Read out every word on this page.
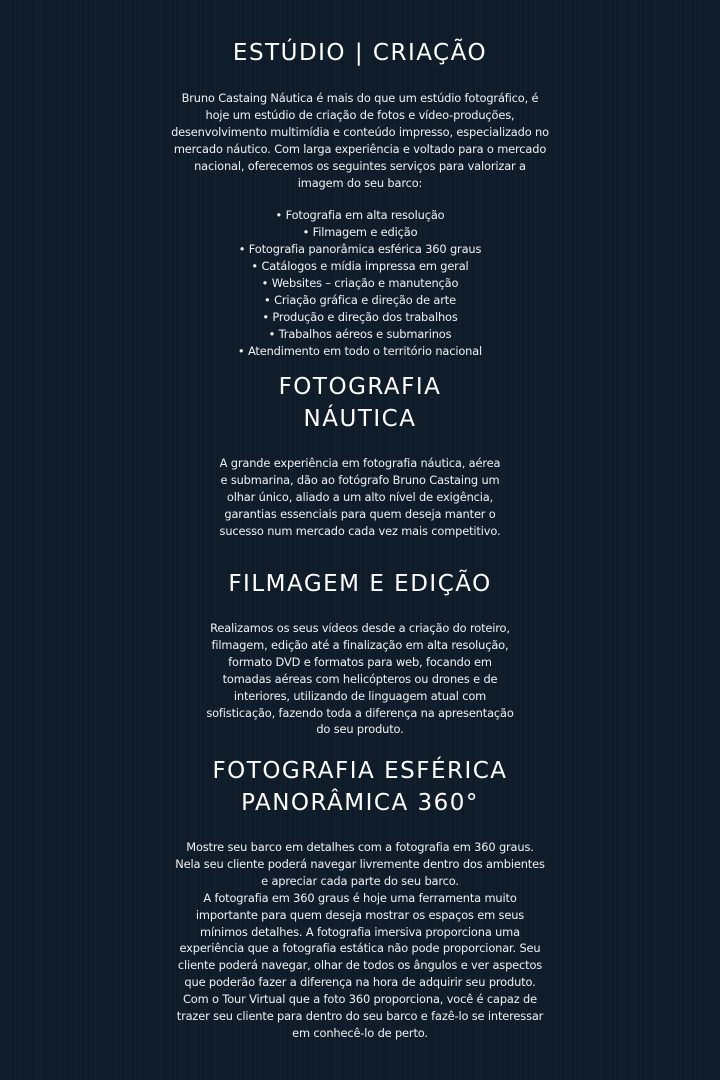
ESTÚDIO | CRIAÇÃO

Bruno Castaing Náutica é mais do que um estúdio fotográfico, é hoje um estúdio de criação de fotos e vídeo-produções, desenvolvimento multimídia e conteúdo impresso, especializado no mercado náutico. Com larga experiência e voltado para o mercado nacional, oferecemos os seguintes serviços para valorizar a imagem do seu barco:

• Fotografia em alta resolução
• Filmagem e edição
• Fotografia panorâmica esférica 360 graus
• Catálogos e mídia impressa em geral
• Websites – criação e manutenção
• Criação gráfica e direção de arte
• Produção e direção dos trabalhos
• Trabalhos aéreos e submarinos
• Atendimento em todo o território nacional
FOTOGRAFIA
NÁUTICA

A grande experiência em fotografia náutica, aérea e submarina, dão ao fotógrafo Bruno Castaing um olhar único, aliado a um alto nível de exigência, garantias essenciais para quem deseja manter o sucesso num mercado cada vez mais competitivo.

FILMAGEM E EDIÇÃO

Realizamos os seus vídeos desde a criação do roteiro, filmagem, edição até a finalização em alta resolução, formato DVD e formatos para web, focando em tomadas aéreas com helicópteros ou drones e de interiores, utilizando de linguagem atual com sofisticação, fazendo toda a diferença na apresentação do seu produto.

FOTOGRAFIA ESFÉRICA
PANORÂMICA 360°

Mostre seu barco em detalhes com a fotografia em 360 graus. Nela seu cliente poderá navegar livremente dentro dos ambientes e apreciar cada parte do seu barco.

A fotografia em 360 graus é hoje uma ferramenta muito importante para quem deseja mostrar os espaços em seus mínimos detalhes. A fotografia imersiva proporciona uma experiência que a fotografia estática não pode proporcionar. Seu cliente poderá navegar, olhar de todos os ângulos e ver aspectos que poderão fazer a diferença na hora de adquirir seu produto. Com o Tour Virtual que a foto 360 proporciona, você é capaz de trazer seu cliente para dentro do seu barco e fazê-lo se interessar em conhecê-lo de perto.
